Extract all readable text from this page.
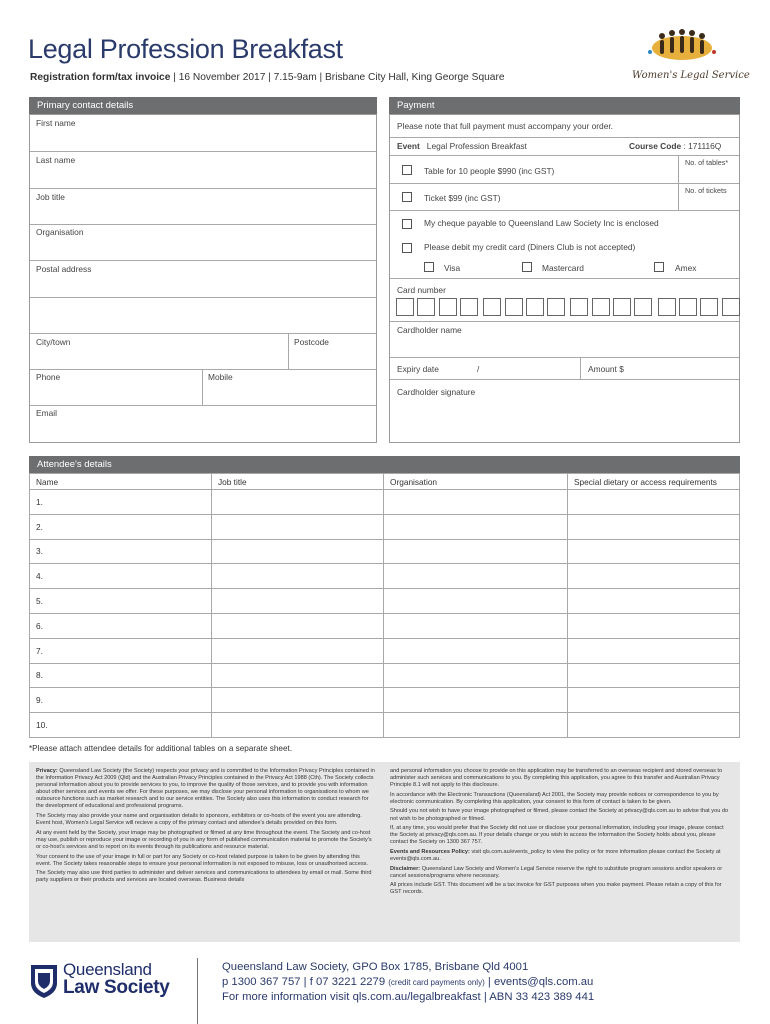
Legal Profession Breakfast
Registration form/tax invoice | 16 November 2017 | 7.15-9am | Brisbane City Hall, King George Square	Women's Legal Service
Primary contact details
First name
Last name
Job title
Organisation
Postal address
City/town	Postcode
Phone	Mobile
Email
Payment
Please note that full payment must accompany your order.
Event Legal Profession Breakfast	Course Code : 171116Q
Table for 10 people $990 (inc GST)
No. of tables*
Ticket $99 (inc GST)
No. of tickets
My cheque payable to Queensland Law Society Inc is enclosed
Please debit my credit card (Diners Club is not accepted)
Visa	Mastercard	Amex
Card number
Cardholder name
Expiry date	/	Amount $
Cardholder signature
Attendee's details
Name	Job title	Organisation	Special dietary or access requirements
1.			
2.			
3.			
4.			
5.			
6.			
7.			
8.			
9.			
10.			
*Please attach attendee details for additional tables on a separate sheet.

Privacy: Queensland Law Society (the Society) respects your privacy and is committed to the Information Privacy Principles contained in the Information Privacy Act 2009 (Qld) and the Australian Privacy Principles contained in the Privacy Act 1988 (Cth). The Society collects personal information about you to provide services to you, to improve the quality of those services, and to provide you with information about other services and events we offer. For these purposes, we may disclose your personal information to organisations to whom we outsource functions such as market research and to our service entities. The Society also uses this information to conduct research for the development of educational and professional programs.

The Society may also provide your name and organisation details to sponsors, exhibitors or co-hosts of the event you are attending. Event host, Women's Legal Service will recieve a copy of the primary contact and attendee's details provided on this form.

At any event held by the Society, your image may be photographed or filmed at any time throughout the event. The Society and co-host may use, publish or reproduce your image or recording of you in any form of published communication material to promote the Society's or co-host's services and to report on its events through its publications and resource material.

Your consent to the use of your image in full or part for any Society or co-host related purpose is taken to be given by attending this event. The Society takes reasonable steps to ensure your personal information is not exposed to misuse, loss or unauthorised access.

The Society may also use third parties to administer and deliver services and communications to attendees by email or mail. Some third party suppliers or their products and services are located overseas. Business details

and personal information you choose to provide on this application may be transferred to an overseas recipient and stored overseas to administer such services and communications to you. By completing this application, you agree to this transfer and Australian Privacy Principle 8.1 will not apply to this disclosure.

In accordance with the Electronic Transactions (Queensland) Act 2001, the Society may provide notices or correspondence to you by electronic communication. By completing this application, your consent to this form of contact is taken to be given.

Should you not wish to have your image photographed or filmed, please contact the Society at privacy@qls.com.au to advise that you do not wish to be photographed or filmed.

If, at any time, you would prefer that the Society did not use or disclose your personal information, including your image, please contact the Society at privacy@qls.com.au. If your details change or you wish to access the information the Society holds about you, please contact the Society on 1300 367 757.

Events and Resources Policy: visit qls.com.au/events_policy to view the policy or for more information please contact the Society at events@qls.com.au.

Disclaimer: Queensland Law Society and Women's Legal Service reserve the right to substitute program sessions and/or speakers or cancel sessions/programs where necessary.

All prices include GST. This document will be a tax invoice for GST purposes when you make payment. Please retain a copy of this for GST records.

Queensland
Law Society
Queensland Law Society, GPO Box 1785, Brisbane Qld 4001
p 1300 367 757 | f 07 3221 2279 (credit card payments only) | events@qls.com.au
For more information visit qls.com.au/legalbreakfast | ABN 33 423 389 441
